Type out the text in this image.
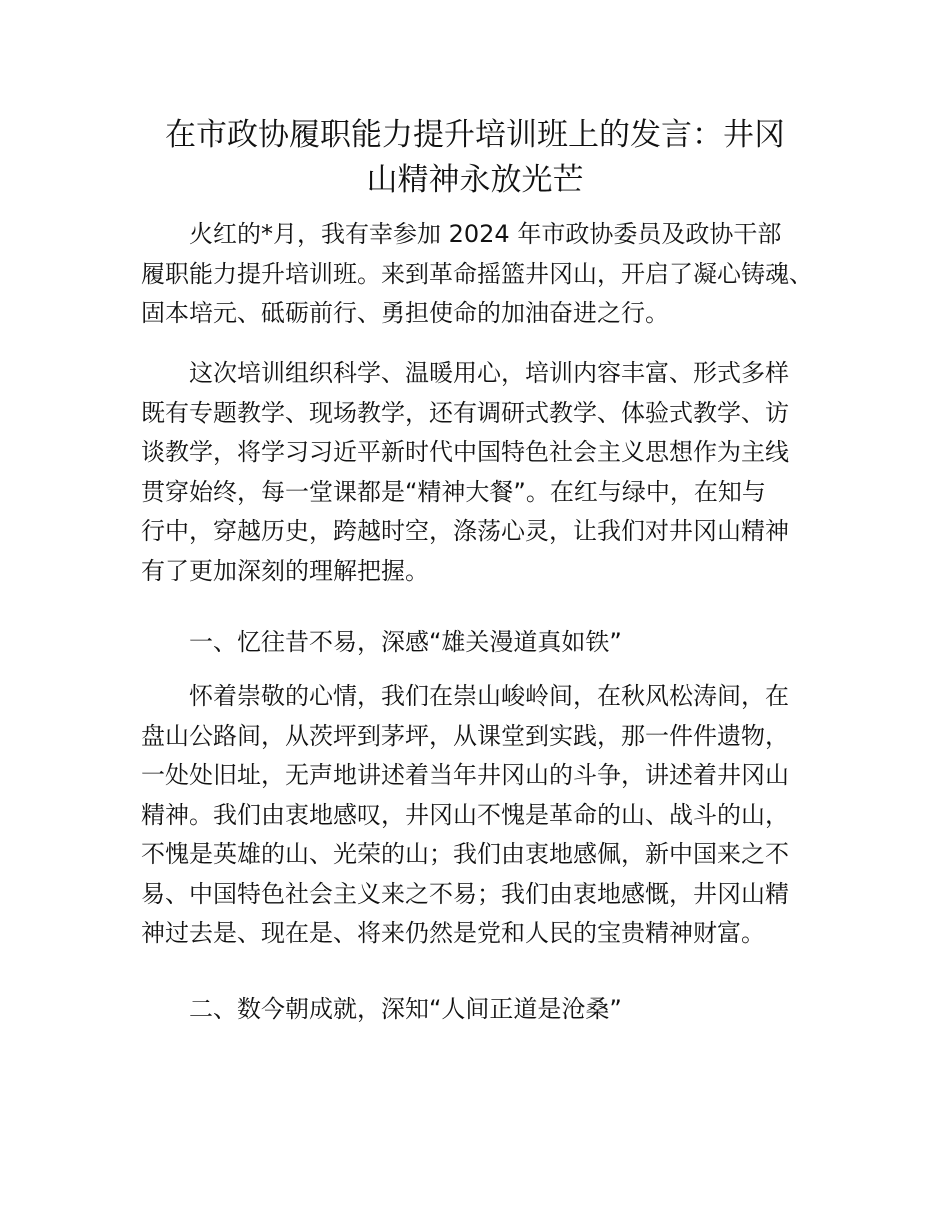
在市政协履职能力提升培训班上的发言：井冈
山精神永放光芒

火红的*月，我有幸参加 2024 年市政协委员及政协干部
履职能力提升培训班。来到革命摇篮井冈山，开启了凝心铸魂、
固本培元、砥砺前行、勇担使命的加油奋进之行。

这次培训组织科学、温暖用心，培训内容丰富、形式多样
既有专题教学、现场教学，还有调研式教学、体验式教学、访
谈教学，将学习习近平新时代中国特色社会主义思想作为主线
贯穿始终，每一堂课都是“精神大餐”。在红与绿中，在知与
行中，穿越历史，跨越时空，涤荡心灵，让我们对井冈山精神
有了更加深刻的理解把握。

一、忆往昔不易，深感“雄关漫道真如铁”

怀着崇敬的心情，我们在崇山峻岭间，在秋风松涛间，在
盘山公路间，从茨坪到茅坪，从课堂到实践，那一件件遗物，
一处处旧址，无声地讲述着当年井冈山的斗争，讲述着井冈山
精神。我们由衷地感叹，井冈山不愧是革命的山、战斗的山，
不愧是英雄的山、光荣的山；我们由衷地感佩，新中国来之不
易、中国特色社会主义来之不易；我们由衷地感慨，井冈山精
神过去是、现在是、将来仍然是党和人民的宝贵精神财富。

二、数今朝成就，深知“人间正道是沧桑”
